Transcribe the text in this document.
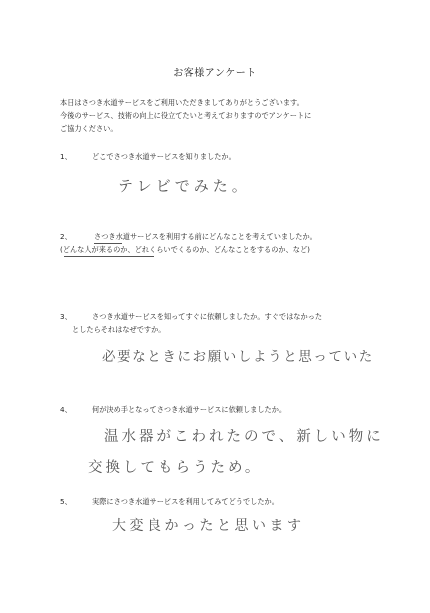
お客様アンケート
本日はさつき水道サービスをご利用いただきましてありがとうございます。
今後のサービス、技術の向上に役立てたいと考えておりますのでアンケートに
ご協力ください。
1、	どこでさつき水道サービスを知りましたか。
テレビでみた。
2、	さつき水道サービスを利用する前にどんなことを考えていましたか。
(どんな人が来るのか、どれくらいでくるのか、どんなことをするのか、など)
3、	さつき水道サービスを知ってすぐに依頼しましたか。すぐではなかった
としたらそれはなぜですか。
必要なときにお願いしようと思っていた
4、	何が決め手となってさつき水道サービスに依頼しましたか。
温水器がこわれたので、新しい物に
交換してもらうため。
5、	実際にさつき水道サービスを利用してみてどうでしたか。
大変良かったと思います
